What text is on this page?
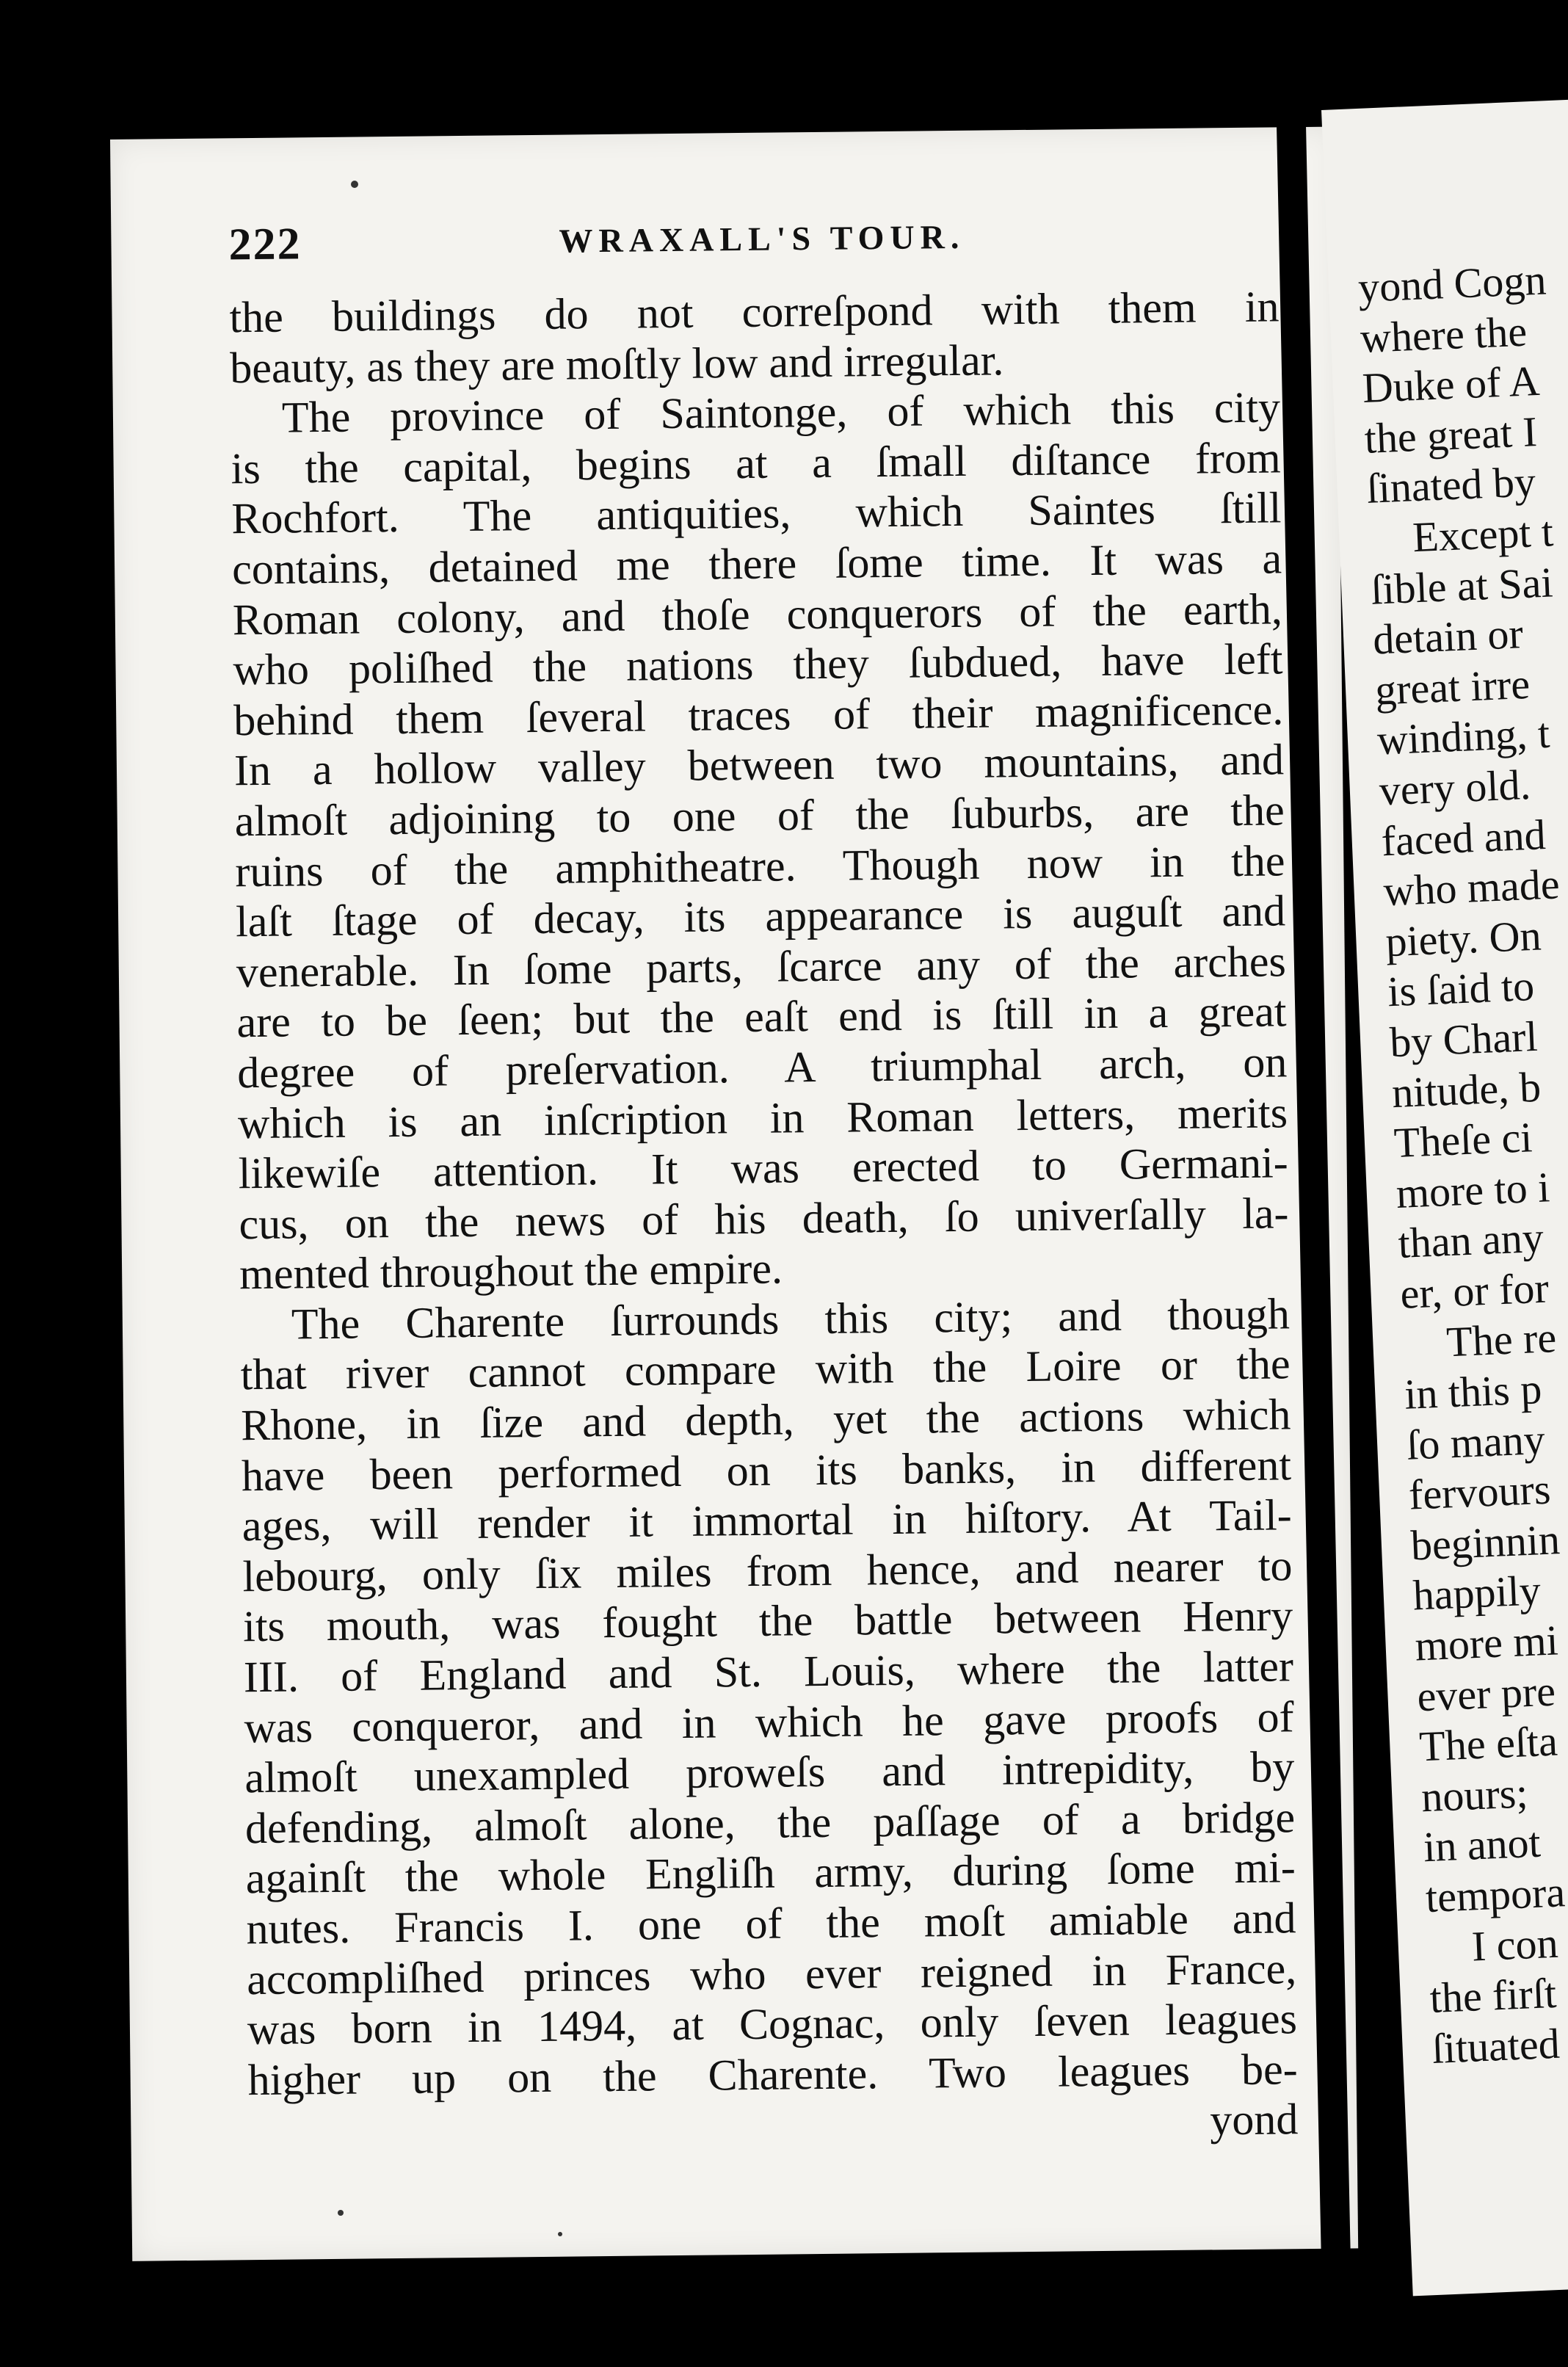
222	WRAXALL'S TOUR.
the buildings do not correſpond with them in
beauty, as they are moſtly low and irregular.
The province of Saintonge, of which this city
is the capital, begins at a ſmall diſtance from
Rochfort. The antiquities, which Saintes ſtill
contains, detained me there ſome time. It was a
Roman colony, and thoſe conquerors of the earth,
who poliſhed the nations they ſubdued, have left
behind them ſeveral traces of their magnificence.
In a hollow valley between two mountains, and
almoſt adjoining to one of the ſuburbs, are the
ruins of the amphitheatre. Though now in the
laſt ſtage of decay, its appearance is auguſt and
venerable. In ſome parts, ſcarce any of the arches
are to be ſeen; but the eaſt end is ſtill in a great
degree of preſervation. A triumphal arch, on
which is an inſcription in Roman letters, merits
likewiſe attention. It was erected to Germani-
cus, on the news of his death, ſo univerſally la-
mented throughout the empire.
The Charente ſurrounds this city; and though
that river cannot compare with the Loire or the
Rhone, in ſize and depth, yet the actions which
have been performed on its banks, in different
ages, will render it immortal in hiſtory. At Tail-
lebourg, only ſix miles from hence, and nearer to
its mouth, was fought the battle between Henry
III. of England and St. Louis, where the latter
was conqueror, and in which he gave proofs of
almoſt unexampled proweſs and intrepidity, by
defending, almoſt alone, the paſſage of a bridge
againſt the whole Engliſh army, during ſome mi-
nutes. Francis I. one of the moſt amiable and
accompliſhed princes who ever reigned in France,
was born in 1494, at Cognac, only ſeven leagues
higher up on the Charente. Two leagues be-
yond
yond Cogn
where the
Duke of A
the great I
ſinated by
Except t
ſible at Sai
detain or
great irre
winding, t
very old.
faced and
who made
piety. On
is ſaid to
by Charl
nitude, b
Theſe ci
more to i
than any
er, or for
The re
in this p
ſo many
fervours
beginnin
happily
more mi
ever pre
The eſta
nours;
in anot
tempora
I con
the firſt
ſituated
